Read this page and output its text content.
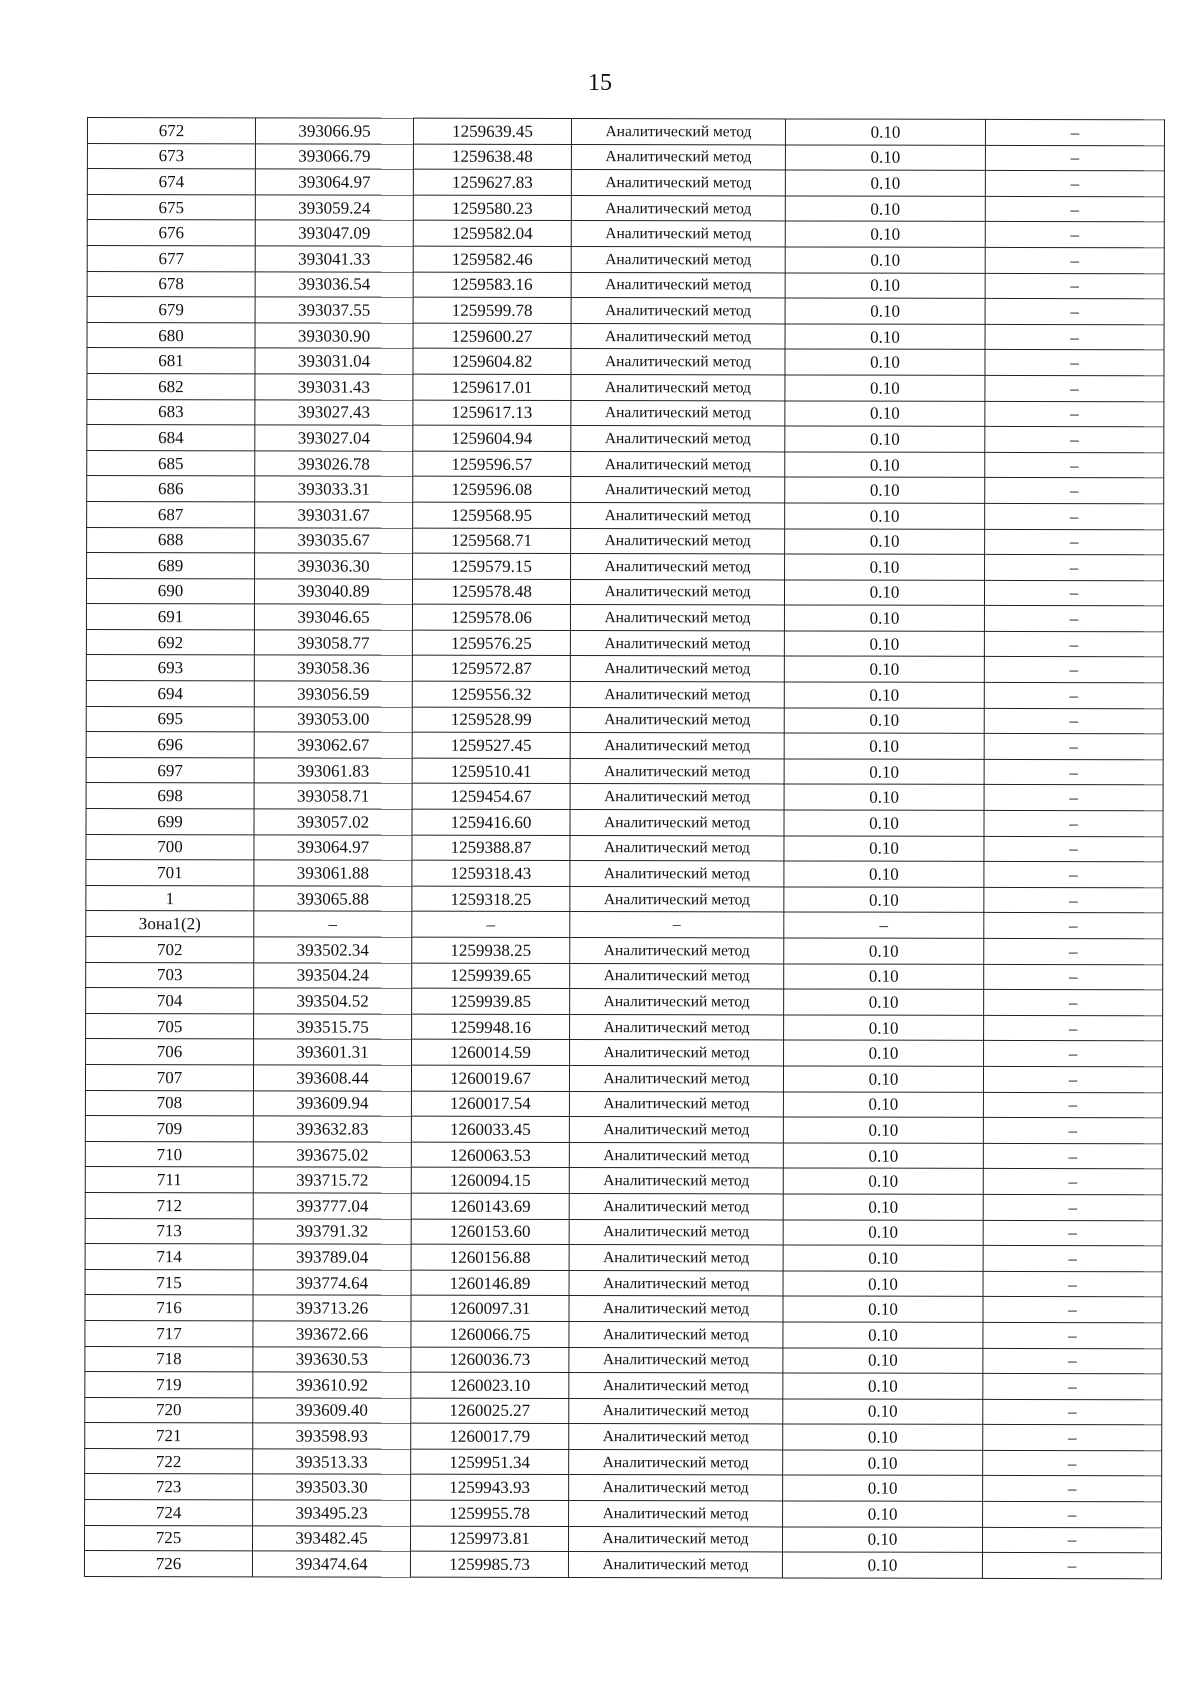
15
672	393066.95	1259639.45	Аналитический метод	0.10	–
673	393066.79	1259638.48	Аналитический метод	0.10	–
674	393064.97	1259627.83	Аналитический метод	0.10	–
675	393059.24	1259580.23	Аналитический метод	0.10	–
676	393047.09	1259582.04	Аналитический метод	0.10	–
677	393041.33	1259582.46	Аналитический метод	0.10	–
678	393036.54	1259583.16	Аналитический метод	0.10	–
679	393037.55	1259599.78	Аналитический метод	0.10	–
680	393030.90	1259600.27	Аналитический метод	0.10	–
681	393031.04	1259604.82	Аналитический метод	0.10	–
682	393031.43	1259617.01	Аналитический метод	0.10	–
683	393027.43	1259617.13	Аналитический метод	0.10	–
684	393027.04	1259604.94	Аналитический метод	0.10	–
685	393026.78	1259596.57	Аналитический метод	0.10	–
686	393033.31	1259596.08	Аналитический метод	0.10	–
687	393031.67	1259568.95	Аналитический метод	0.10	–
688	393035.67	1259568.71	Аналитический метод	0.10	–
689	393036.30	1259579.15	Аналитический метод	0.10	–
690	393040.89	1259578.48	Аналитический метод	0.10	–
691	393046.65	1259578.06	Аналитический метод	0.10	–
692	393058.77	1259576.25	Аналитический метод	0.10	–
693	393058.36	1259572.87	Аналитический метод	0.10	–
694	393056.59	1259556.32	Аналитический метод	0.10	–
695	393053.00	1259528.99	Аналитический метод	0.10	–
696	393062.67	1259527.45	Аналитический метод	0.10	–
697	393061.83	1259510.41	Аналитический метод	0.10	–
698	393058.71	1259454.67	Аналитический метод	0.10	–
699	393057.02	1259416.60	Аналитический метод	0.10	–
700	393064.97	1259388.87	Аналитический метод	0.10	–
701	393061.88	1259318.43	Аналитический метод	0.10	–
1	393065.88	1259318.25	Аналитический метод	0.10	–
Зона1(2)	–	–	–	–	–
702	393502.34	1259938.25	Аналитический метод	0.10	–
703	393504.24	1259939.65	Аналитический метод	0.10	–
704	393504.52	1259939.85	Аналитический метод	0.10	–
705	393515.75	1259948.16	Аналитический метод	0.10	–
706	393601.31	1260014.59	Аналитический метод	0.10	–
707	393608.44	1260019.67	Аналитический метод	0.10	–
708	393609.94	1260017.54	Аналитический метод	0.10	–
709	393632.83	1260033.45	Аналитический метод	0.10	–
710	393675.02	1260063.53	Аналитический метод	0.10	–
711	393715.72	1260094.15	Аналитический метод	0.10	–
712	393777.04	1260143.69	Аналитический метод	0.10	–
713	393791.32	1260153.60	Аналитический метод	0.10	–
714	393789.04	1260156.88	Аналитический метод	0.10	–
715	393774.64	1260146.89	Аналитический метод	0.10	–
716	393713.26	1260097.31	Аналитический метод	0.10	–
717	393672.66	1260066.75	Аналитический метод	0.10	–
718	393630.53	1260036.73	Аналитический метод	0.10	–
719	393610.92	1260023.10	Аналитический метод	0.10	–
720	393609.40	1260025.27	Аналитический метод	0.10	–
721	393598.93	1260017.79	Аналитический метод	0.10	–
722	393513.33	1259951.34	Аналитический метод	0.10	–
723	393503.30	1259943.93	Аналитический метод	0.10	–
724	393495.23	1259955.78	Аналитический метод	0.10	–
725	393482.45	1259973.81	Аналитический метод	0.10	–
726	393474.64	1259985.73	Аналитический метод	0.10	–
